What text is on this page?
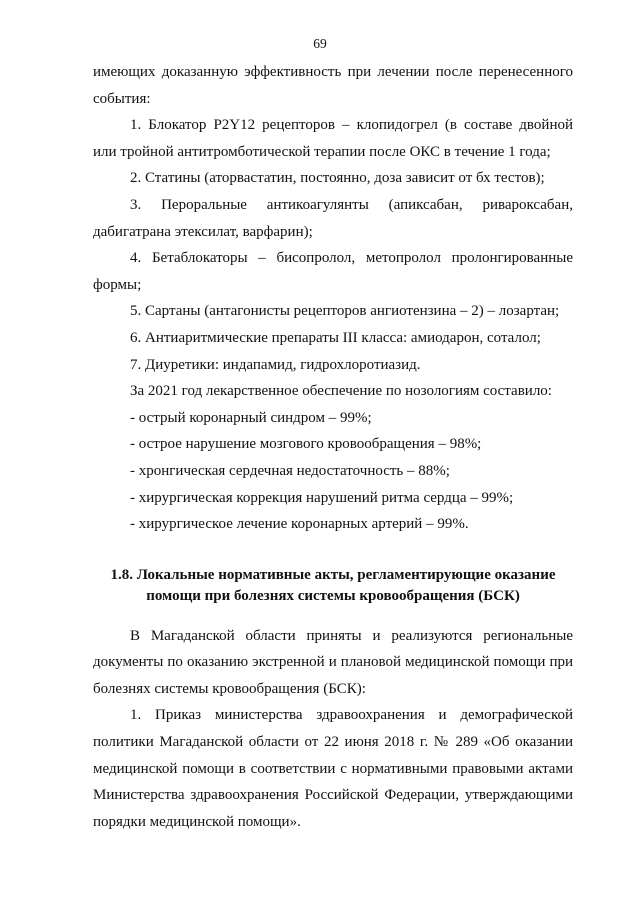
69

имеющих доказанную эффективность при лечении после перенесенного события:

1. Блокатор P2Y12 рецепторов – клопидогрел (в составе двойной или тройной антитромботической терапии после ОКС в течение 1 года;

2. Статины (аторвастатин, постоянно, доза зависит от бх тестов);

3. Пероральные антикоагулянты (апиксабан, ривароксабан, дабигатрана этексилат, варфарин);

4. Бетаблокаторы – бисопролол, метопролол пролонгированные формы;

5. Сартаны (антагонисты рецепторов ангиотензина – 2) – лозартан;

6. Антиаритмические препараты III класса: амиодарон, соталол;

7. Диуретики: индапамид, гидрохлоротиазид.

За 2021 год лекарственное обеспечение по нозологиям составило:

- острый коронарный синдром – 99%;

- острое нарушение мозгового кровообращения – 98%;

- хронгическая сердечная недостаточность – 88%;

- хирургическая коррекция нарушений ритма сердца – 99%;

- хирургическое лечение коронарных артерий – 99%.

1.8. Локальные нормативные акты, регламентирующие оказание
помощи при болезнях системы кровообращения (БСК)

В Магаданской области приняты и реализуются региональные документы по оказанию экстренной и плановой медицинской помощи при болезнях системы кровообращения (БСК):

1. Приказ министерства здравоохранения и демографической политики Магаданской области от 22 июня 2018 г. № 289 «Об оказании медицинской помощи в соответствии с нормативными правовыми актами Министерства здравоохранения Российской Федерации, утверждающими порядки медицинской помощи».
